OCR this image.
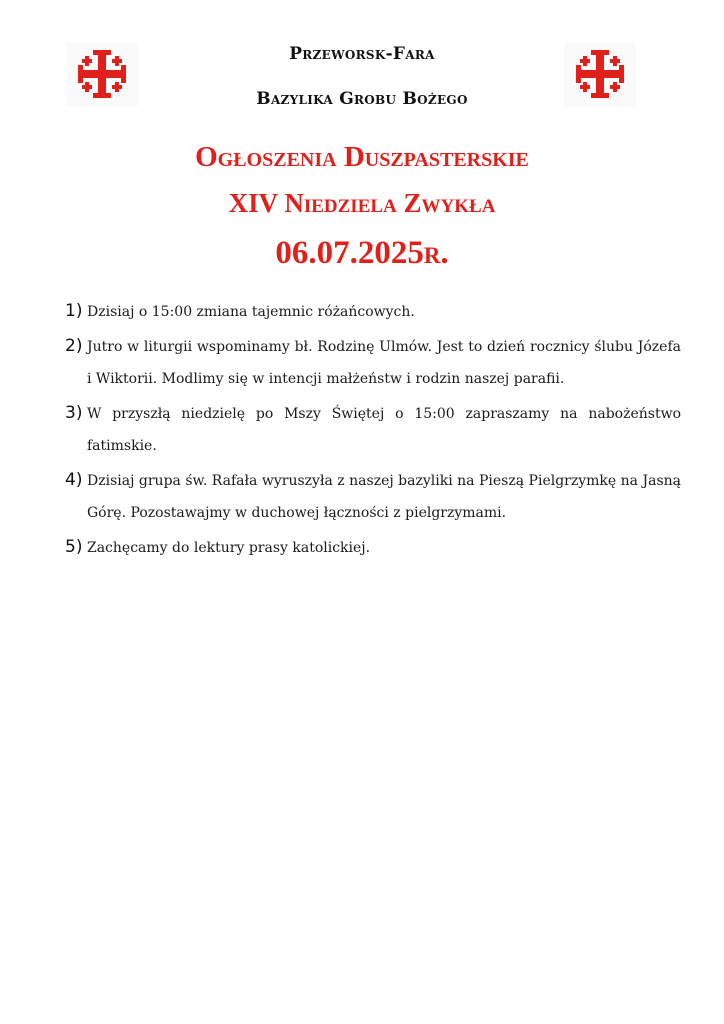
Przeworsk-Fara
Bazylika Grobu Bożego
Ogłoszenia Duszpasterskie
XIV Niedziela Zwykła
06.07.2025r.
1) Dzisiaj o 15:00 zmiana tajemnic różańcowych.
2) Jutro w liturgii wspominamy bł. Rodzinę Ulmów. Jest to dzień rocznicy ślubu Józefa i Wiktorii. Modlimy się w intencji małżeństw i rodzin naszej parafii.
3) W przyszłą niedzielę po Mszy Świętej o 15:00 zapraszamy na nabożeństwo fatimskie.
4) Dzisiaj grupa św. Rafała wyruszyła z naszej bazyliki na Pieszą Pielgrzymkę na Jasną Górę. Pozostawajmy w duchowej łączności z pielgrzymami.
5) Zachęcamy do lektury prasy katolickiej.
